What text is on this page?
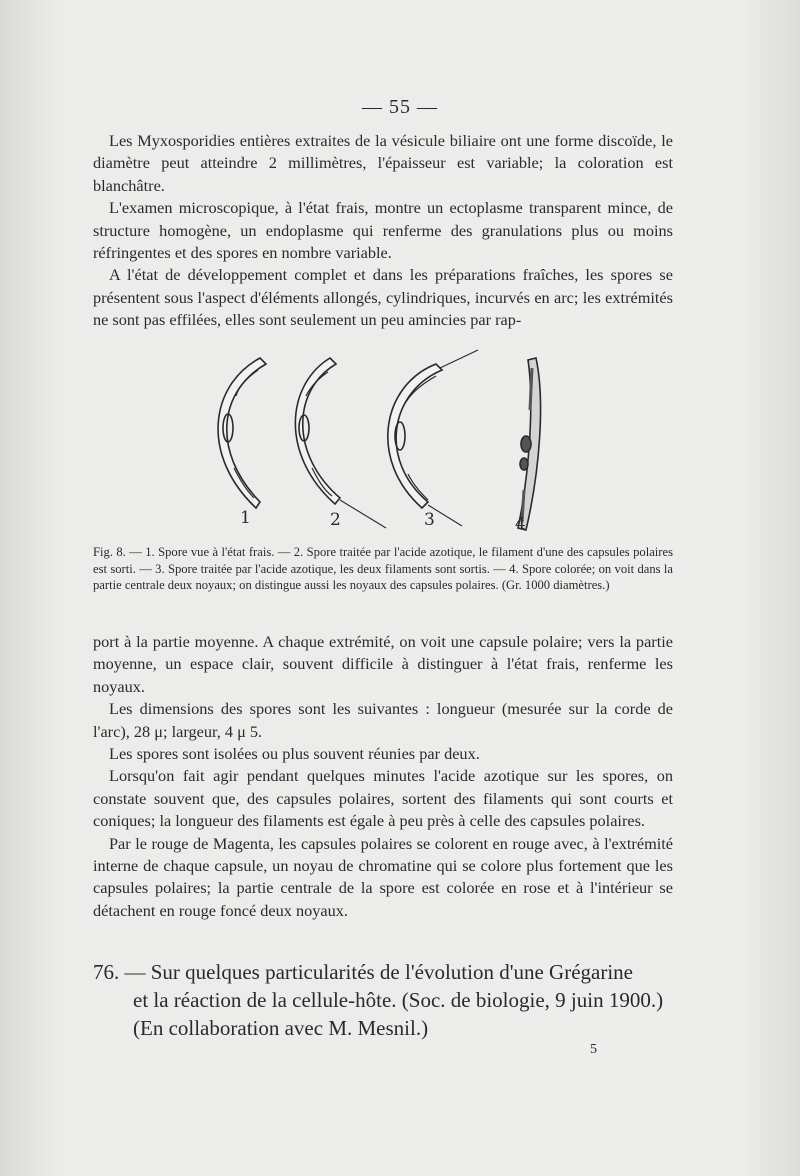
— 55 —

Les Myxosporidies entières extraites de la vésicule biliaire ont une forme discoïde, le diamètre peut atteindre 2 millimètres, l'épaisseur est variable; la coloration est blanchâtre.

L'examen microscopique, à l'état frais, montre un ectoplasme transparent mince, de structure homogène, un endoplasme qui renferme des granulations plus ou moins réfringentes et des spores en nombre variable.

A l'état de développement complet et dans les préparations fraîches, les spores se présentent sous l'aspect d'éléments allongés, cylindriques, incurvés en arc; les extrémités ne sont pas effilées, elles sont seulement un peu amincies par rap-

1	2	3	4

Fig. 8. — 1. Spore vue à l'état frais. — 2. Spore traitée par l'acide azotique, le filament d'une des capsules polaires est sorti. — 3. Spore traitée par l'acide azotique, les deux filaments sont sortis. — 4. Spore colorée; on voit dans la partie centrale deux noyaux; on distingue aussi les noyaux des capsules polaires. (Gr. 1000 diamètres.)

port à la partie moyenne. A chaque extrémité, on voit une capsule polaire; vers la partie moyenne, un espace clair, souvent difficile à distinguer à l'état frais, renferme les noyaux.

Les dimensions des spores sont les suivantes : longueur (mesurée sur la corde de l'arc), 28 μ; largeur, 4 μ 5.

Les spores sont isolées ou plus souvent réunies par deux.

Lorsqu'on fait agir pendant quelques minutes l'acide azotique sur les spores, on constate souvent que, des capsules polaires, sortent des filaments qui sont courts et coniques; la longueur des filaments est égale à peu près à celle des capsules polaires.

Par le rouge de Magenta, les capsules polaires se colorent en rouge avec, à l'extrémité interne de chaque capsule, un noyau de chromatine qui se colore plus fortement que les capsules polaires; la partie centrale de la spore est colorée en rose et à l'intérieur se détachent en rouge foncé deux noyaux.

76. — Sur quelques particularités de l'évolution d'une Grégarine
et la réaction de la cellule-hôte. (Soc. de biologie, 9 juin 1900.)
(En collaboration avec M. Mesnil.)
5
